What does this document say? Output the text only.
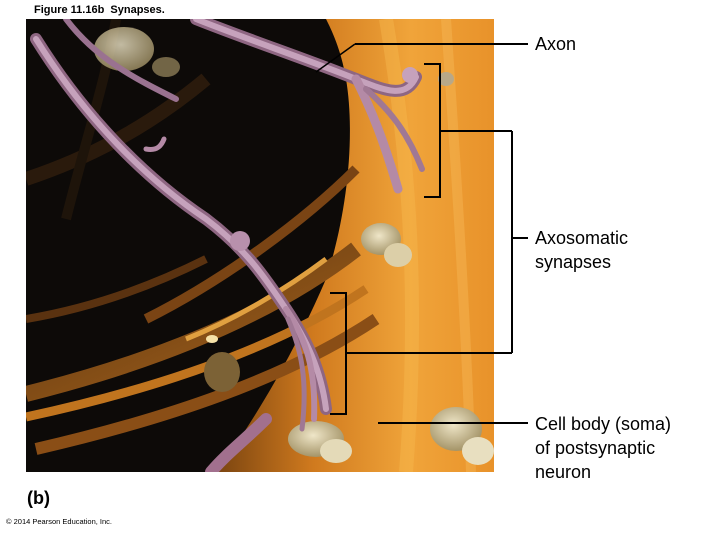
Figure 11.16b  Synapses.
Axon
Axosomatic
synapses
Cell body (soma)
of postsynaptic
neuron
(b)
© 2014 Pearson Education, Inc.
